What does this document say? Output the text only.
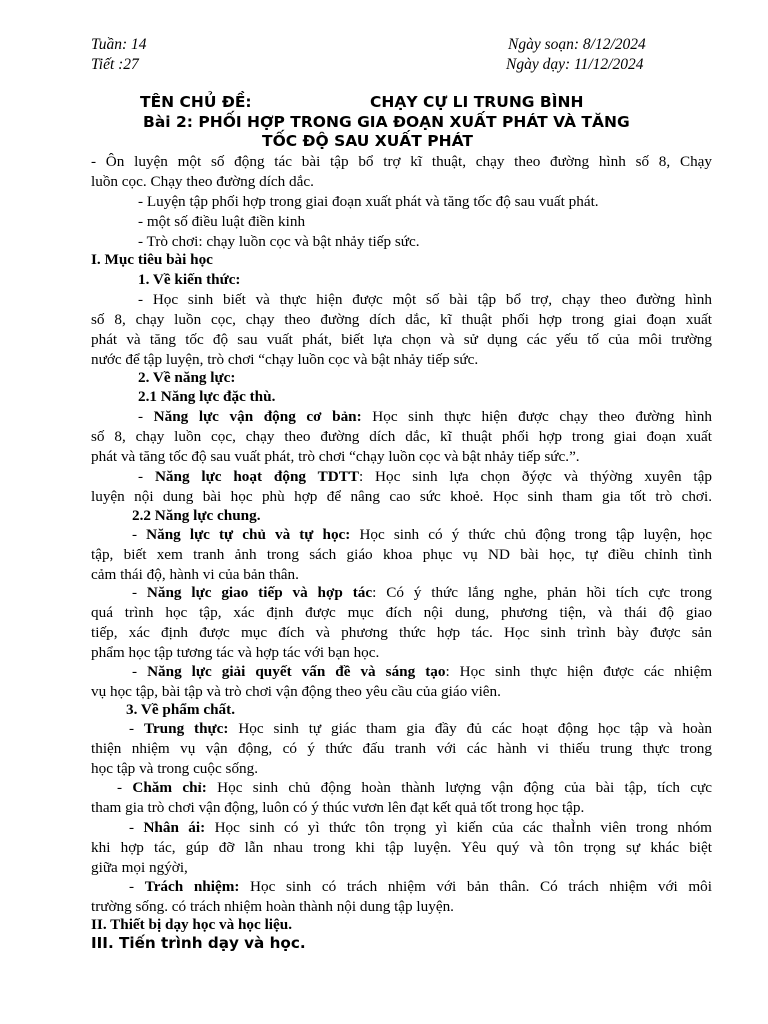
Tuần: 14
Tiết :27
Ngày soạn: 8/12/2024
Ngày dạy: 11/12/2024
TÊN CHỦ ĐỀ:	CHẠY CỰ LI TRUNG BÌNH
Bài 2: PHỐI HỢP TRONG GIA ĐOẠN XUẤT PHÁT VÀ TĂNG
TỐC ĐỘ SAU XUẤT PHÁT
- Ôn luyện một số động tác bài tập bổ trợ kĩ thuật, chạy theo đường hình số 8, Chạy
luồn cọc. Chạy theo đường dích dắc.
- Luyện tập phối hợp trong giai đoạn xuất phát và tăng tốc độ sau vuất phát.
- một số điều luật điền kinh
- Trò chơi: chạy luồn cọc và bật nhảy tiếp sức.
I. Mục tiêu bài học
1. Về kiến thức:
- Học sinh biết và thực hiện được một số bài tập bổ trợ, chạy theo đường hình
số 8, chạy luồn cọc, chạy theo đường dích dắc, kĩ thuật phối hợp trong giai đoạn xuất
phát và tăng tốc độ sau vuất phát, biết lựa chọn và sử dụng các yếu tố của môi trường
nước để tập luyện, trò chơi “chạy luồn cọc và bật nhảy tiếp sức.
2. Về năng lực:
2.1 Năng lực đặc thù.
- Năng lực vận động cơ bản: Học sinh thực hiện được chạy theo đường hình
số 8, chạy luồn cọc, chạy theo đường dích dắc, kĩ thuật phối hợp trong giai đoạn xuất
phát và tăng tốc độ sau vuất phát, trò chơi “chạy luồn cọc và bật nhảy tiếp sức.”.
- Năng lực hoạt động TDTT: Học sinh lựa chọn ðýợc và thýờng xuyên tập
luyện nội dung bài học phù hợp để nâng cao sức khoẻ. Học sinh tham gia tốt trò chơi.
2.2 Năng lực chung.
- Năng lực tự chủ và tự học: Học sinh có ý thức chủ động trong tập luyện, học
tập, biết xem tranh ảnh trong sách giáo khoa phục vụ ND bài học, tự điều chỉnh tình
cảm thái độ, hành vi của bản thân.
- Năng lực giao tiếp và hợp tác: Có ý thức lắng nghe, phản hồi tích cực trong
quá trình học tập, xác định được mục đích nội dung, phương tiện, và thái độ giao
tiếp, xác định được mục đích và phương thức hợp tác. Học sinh trình bày được sản
phẩm học tập tương tác và hợp tác với bạn học.
- Năng lực giải quyết vấn đề và sáng tạo: Học sinh thực hiện được các nhiệm
vụ học tập, bài tập và trò chơi vận động theo yêu cầu của giáo viên.
3. Về phẩm chất.
- Trung thực: Học sinh tự giác tham gia đầy đủ các hoạt động học tập và hoàn
thiện nhiệm vụ vận động, có ý thức đấu tranh với các hành vi thiếu trung thực trong
học tập và trong cuộc sống.
- Chăm chỉ: Học sinh chủ động hoàn thành lượng vận động của bài tập, tích cực
tham gia trò chơi vận động, luôn có ý thúc vươn lên đạt kết quả tốt trong học tập.
- Nhân ái: Học sinh có yì thức tôn trọng yì kiến của các thaÌnh viên trong nhóm
khi hợp tác, gúp đỡ lẫn nhau trong khi tập luyện. Yêu quý và tôn trọng sự khác biệt
giữa mọi ngýời,
- Trách nhiệm: Học sinh có trách nhiệm với bản thân. Có trách nhiệm với môi
trường sống. có trách nhiệm hoàn thành nội dung tập luyện.
II. Thiết bị dạy học và học liệu.
III. Tiến trình dạy và học.
